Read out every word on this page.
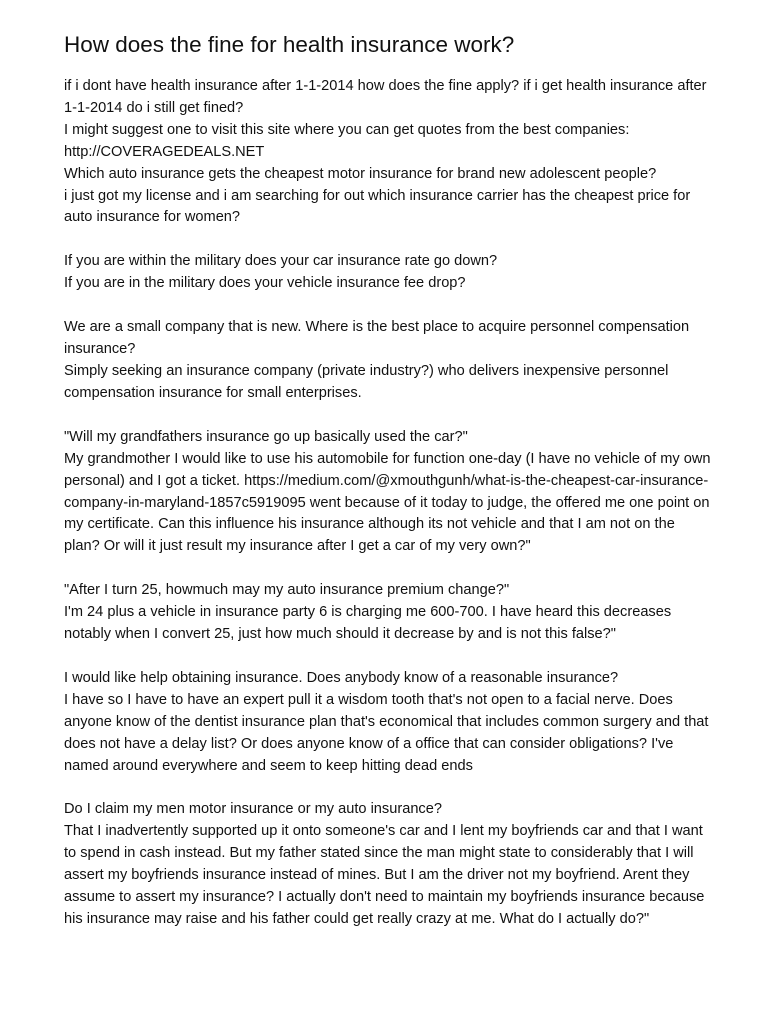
How does the fine for health insurance work?

if i dont have health insurance after 1-1-2014 how does the fine apply? if i get health insurance after 1-1-2014 do i still get fined?

I might suggest one to visit this site where you can get quotes from the best companies: http://COVERAGEDEALS.NET

Which auto insurance gets the cheapest motor insurance for brand new adolescent people?

i just got my license and i am searching for out which insurance carrier has the cheapest price for auto insurance for women?

If you are within the military does your car insurance rate go down?

If you are in the military does your vehicle insurance fee drop?

We are a small company that is new. Where is the best place to acquire personnel compensation insurance?

Simply seeking an insurance company (private industry?) who delivers inexpensive personnel compensation insurance for small enterprises.

"Will my grandfathers insurance go up basically used the car?"

My grandmother I would like to use his automobile for function one-day (I have no vehicle of my own personal) and I got a ticket. https://medium.com/@xmouthgunh/what-is-the-cheapest-car-insurance-company-in-maryland-1857c5919095 went because of it today to judge, the offered me one point on my certificate. Can this influence his insurance although its not vehicle and that I am not on the plan? Or will it just result my insurance after I get a car of my very own?"

"After I turn 25, howmuch may my auto insurance premium change?"

I'm 24 plus a vehicle in insurance party 6 is charging me 600-700. I have heard this decreases notably when I convert 25, just how much should it decrease by and is not this false?"

I would like help obtaining insurance. Does anybody know of a reasonable insurance?

I have so I have to have an expert pull it a wisdom tooth that's not open to a facial nerve. Does anyone know of the dentist insurance plan that's economical that includes common surgery and that does not have a delay list? Or does anyone know of a office that can consider obligations? I've named around everywhere and seem to keep hitting dead ends

Do I claim my men motor insurance or my auto insurance?

That I inadvertently supported up it onto someone's car and I lent my boyfriends car and that I want to spend in cash instead. But my father stated since the man might state to considerably that I will assert my boyfriends insurance instead of mines. But I am the driver not my boyfriend. Arent they assume to assert my insurance? I actually don't need to maintain my boyfriends insurance because his insurance may raise and his father could get really crazy at me. What do I actually do?"
